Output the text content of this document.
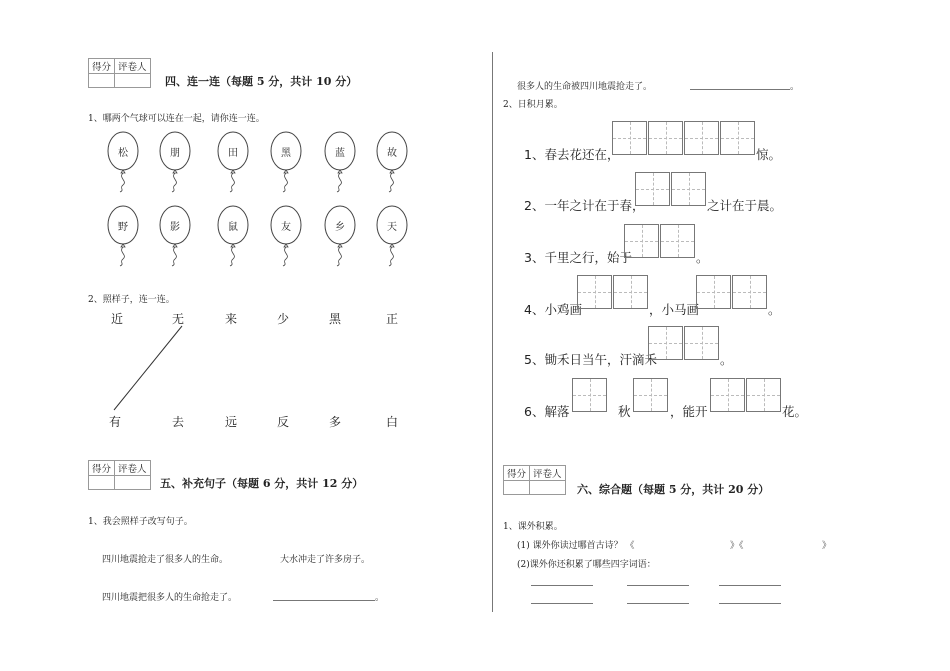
得分	评卷人

四、连一连（每题 5 分，共计 10 分）
1、哪两个气球可以连在一起，请你连一连。
松	朋	田	黑	蓝	故
野	影	鼠	友	乡	天
2、照样子，连一连。
近	无	来	少	黑	正
有	去	远	反	多	白
得分	评卷人

五、补充句子（每题 6 分，共计 12 分）
1、我会照样子改写句子。
四川地震抢走了很多人的生命。	大水冲走了许多房子。
四川地震把很多人的生命抢走了。	。
很多人的生命被四川地震抢走了。	。
2、日积月累。
1、春去花还在，	惊。
2、一年之计在于春，	之计在于晨。
3、千里之行，始于	。
4、小鸡画	，小马画	。
5、锄禾日当午，汗滴禾	。
6、解落	秋	，能开	花。
得分	评卷人

六、综合题（每题 5 分，共计 20 分）
1、课外积累。
(1) 课外你读过哪首古诗？ 《	》《	》
(2)课外你还积累了哪些四字词语：
